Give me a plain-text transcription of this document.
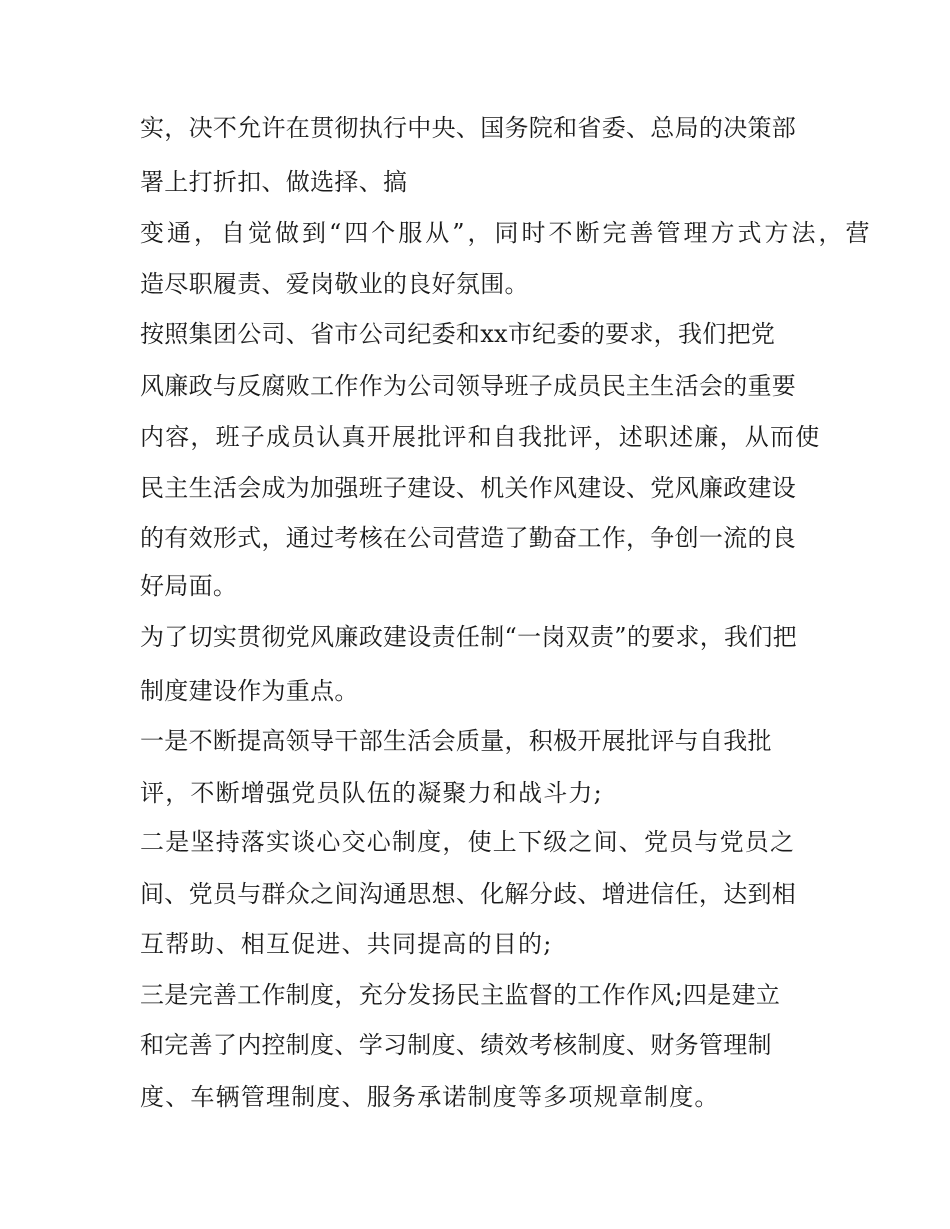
实，决不允许在贯彻执行中央、国务院和省委、总局的决策部
署上打折扣、做选择、搞
变通，自觉做到“四个服从”，同时不断完善管理方式方法，营
造尽职履责、爱岗敬业的良好氛围。
按照集团公司、省市公司纪委和xx市纪委的要求，我们把党
风廉政与反腐败工作作为公司领导班子成员民主生活会的重要
内容，班子成员认真开展批评和自我批评，述职述廉，从而使
民主生活会成为加强班子建设、机关作风建设、党风廉政建设
的有效形式，通过考核在公司营造了勤奋工作，争创一流的良
好局面。
为了切实贯彻党风廉政建设责任制“一岗双责”的要求，我们把
制度建设作为重点。
一是不断提高领导干部生活会质量，积极开展批评与自我批
评，不断增强党员队伍的凝聚力和战斗力;
二是坚持落实谈心交心制度，使上下级之间、党员与党员之
间、党员与群众之间沟通思想、化解分歧、增进信任，达到相
互帮助、相互促进、共同提高的目的;
三是完善工作制度，充分发扬民主监督的工作作风;四是建立
和完善了内控制度、学习制度、绩效考核制度、财务管理制
度、车辆管理制度、服务承诺制度等多项规章制度。
